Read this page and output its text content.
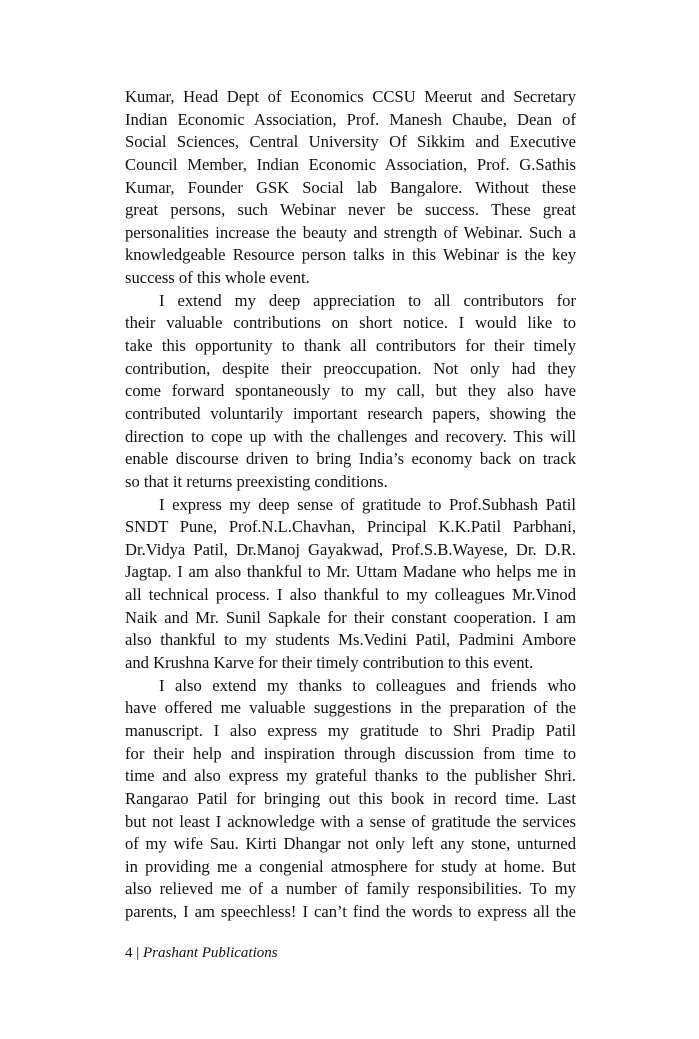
Kumar, Head Dept of Economics CCSU Meerut and Secretary
Indian Economic Association, Prof. Manesh Chaube, Dean of
Social Sciences, Central University Of Sikkim and Executive
Council Member, Indian Economic Association, Prof. G.Sathis
Kumar, Founder GSK Social lab Bangalore. Without these
great persons, such Webinar never be success. These great
personalities increase the beauty and strength of Webinar. Such a
knowledgeable Resource person talks in this Webinar is the key
success of this whole event.
I extend my deep appreciation to all contributors for
their valuable contributions on short notice. I would like to
take this opportunity to thank all contributors for their timely
contribution, despite their preoccupation. Not only had they
come forward spontaneously to my call, but they also have
contributed voluntarily important research papers, showing the
direction to cope up with the challenges and recovery. This will
enable discourse driven to bring India’s economy back on track
so that it returns preexisting conditions.
I express my deep sense of gratitude to Prof.Subhash Patil
SNDT Pune, Prof.N.L.Chavhan, Principal K.K.Patil Parbhani,
Dr.Vidya Patil, Dr.Manoj Gayakwad, Prof.S.B.Wayese, Dr. D.R.
Jagtap. I am also thankful to Mr. Uttam Madane who helps me in
all technical process. I also thankful to my colleagues Mr.Vinod
Naik and Mr. Sunil Sapkale for their constant cooperation. I am
also thankful to my students Ms.Vedini Patil, Padmini Ambore
and Krushna Karve for their timely contribution to this event.
I also extend my thanks to colleagues and friends who
have offered me valuable suggestions in the preparation of the
manuscript. I also express my gratitude to Shri Pradip Patil
for their help and inspiration through discussion from time to
time and also express my grateful thanks to the publisher Shri.
Rangarao Patil for bringing out this book in record time. Last
but not least I acknowledge with a sense of gratitude the services
of my wife Sau. Kirti Dhangar not only left any stone, unturned
in providing me a congenial atmosphere for study at home. But
also relieved me of a number of family responsibilities. To my
parents, I am speechless! I can’t find the words to express all the
4 | Prashant Publications
